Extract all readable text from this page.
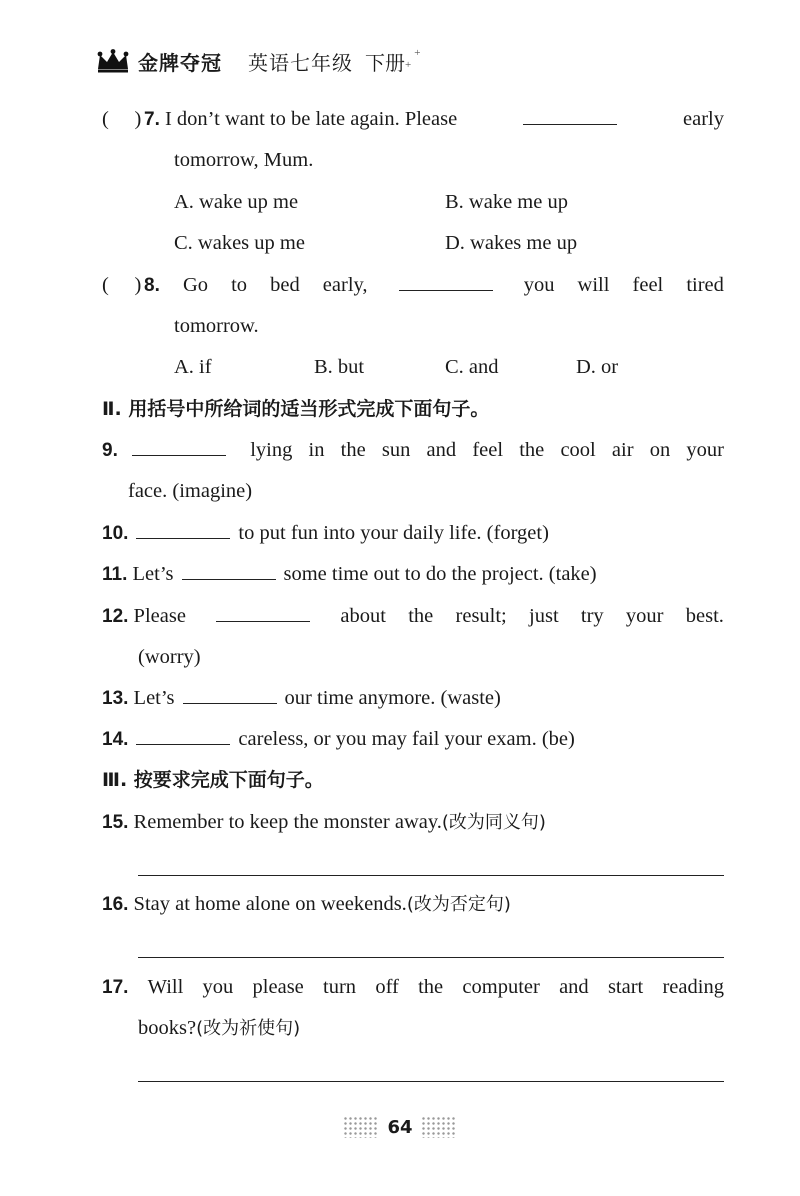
金牌夺冠 英语七年级 下册 +
+
( ) 7. I don’t want to be late again. Please	early
tomorrow, Mum.
A. wake up me	B. wake me up
C. wakes up me	D. wakes me up
( ) 8. Go to bed early,	you will feel tired
tomorrow.
A. if	B. but	C. and	D. or
Ⅱ. 用括号中所给词的适当形式完成下面句子。
9.	lying in the sun and feel the cool air on your
face. (imagine)
10.	to put fun into your daily life. (forget)
11. Let’s	some time out to do the project. (take)
12. Please	about the result; just try your best.
(worry)
13. Let’s	our time anymore. (waste)
14.	careless, or you may fail your exam. (be)
Ⅲ. 按要求完成下面句子。
15. Remember to keep the monster away.(改为同义句)
16. Stay at home alone on weekends.(改为否定句)
17. Will you please turn off the computer and start reading
books?(改为祈使句)
64
